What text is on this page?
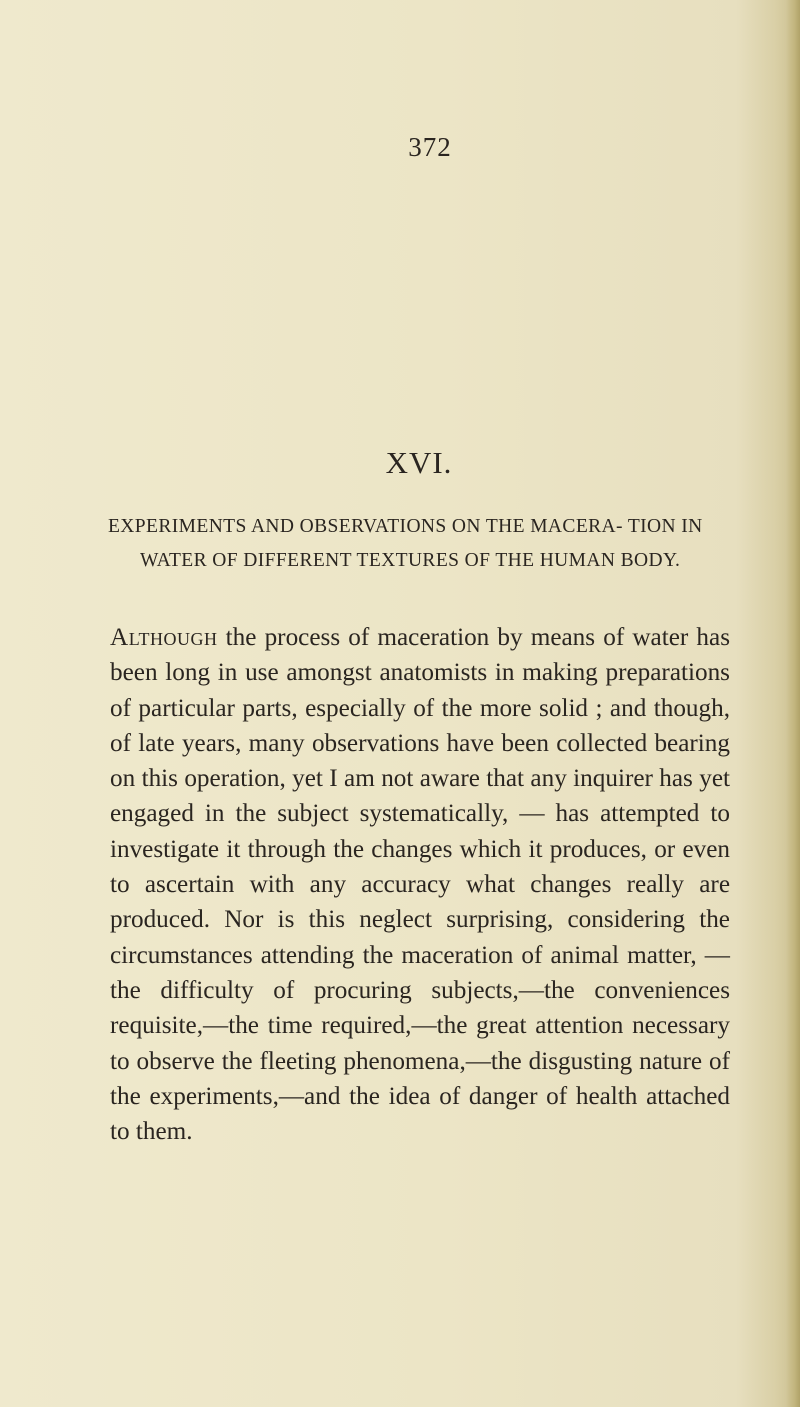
372
XVI.
EXPERIMENTS AND OBSERVATIONS ON THE MACERA- TION IN WATER OF DIFFERENT TEXTURES OF THE HUMAN BODY.
Although the process of maceration by means of water has been long in use amongst anatomists in making preparations of particular parts, especially of the more solid ; and though, of late years, many observations have been collected bearing on this operation, yet I am not aware that any inquirer has yet engaged in the subject systematically, — has attempted to investigate it through the changes which it produces, or even to ascertain with any accuracy what changes really are produced. Nor is this neglect surprising, considering the circumstances attending the maceration of animal matter, — the difficulty of procuring subjects,—the conveniences requisite,—the time required,—the great attention necessary to observe the fleeting phenomena,—the disgusting nature of the experiments,—and the idea of danger of health attached to them.
